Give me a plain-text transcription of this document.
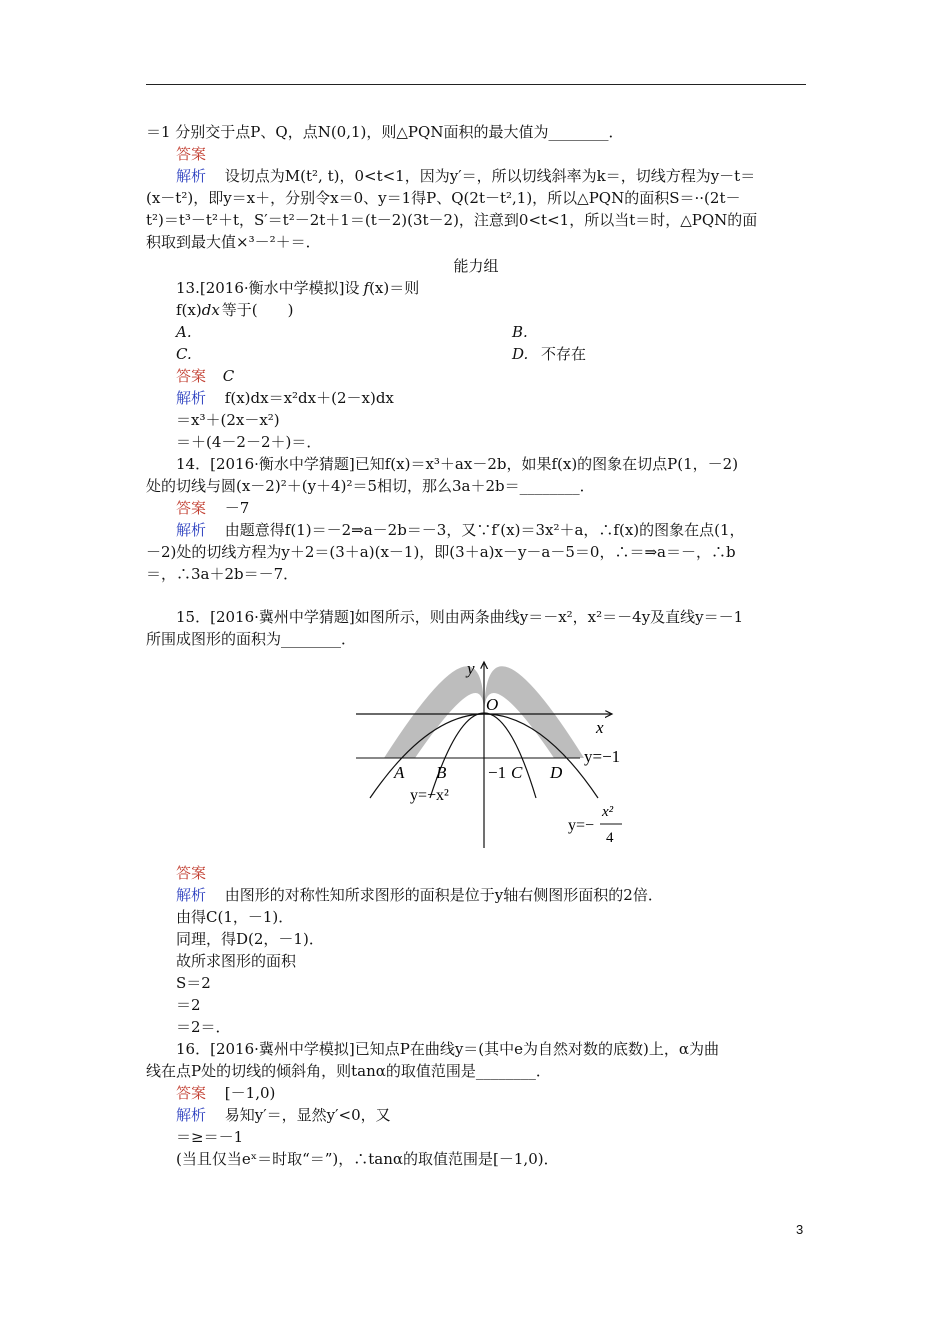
＝1 分别交于点P、Q，点N(0,1)，则△PQN面积的最大值为________．
答案
解析 设切点为M(t², t)，0<t<1，因为y′＝，所以切线斜率为k＝，切线方程为y－t＝
(x－t²)，即y＝x＋，分别令x＝0、y＝1得P、Q(2t－t²,1)，所以△PQN的面积S＝··(2t－
t²)＝t³－t²＋t，S′＝t²－2t＋1＝(t－2)(3t－2)，注意到0<t<1，所以当t＝时，△PQN的面
积取到最大值×³－²＋＝．
能力组
13.[2016·衡水中学模拟]设 f(x)＝则
f(x)dx 等于(　　)
A.	B.
C.	D. 不存在
答案 C
解析 f(x)dx＝x²dx＋(2－x)dx
＝x³＋(2x－x²)
＝＋(4－2－2＋)＝．
14．[2016·衡水中学猜题]已知f(x)＝x³＋ax－2b，如果f(x)的图象在切点P(1，－2)
处的切线与圆(x－2)²＋(y＋4)²＝5相切，那么3a＋2b＝________．
答案 －7
解析 由题意得f(1)＝－2⇒a－2b＝－3，又∵f′(x)＝3x²＋a，∴f(x)的图象在点(1，
－2)处的切线方程为y＋2＝(3＋a)(x－1)，即(3＋a)x－y－a－5＝0，∴＝⇒a＝－，∴b
＝，∴3a＋2b＝－7．
15．[2016·冀州中学猜题]如图所示，则由两条曲线y＝－x²，x²＝－4y及直线y＝－1
所围成图形的面积为________．
y
x
O
A B −1 C D
y=−1
y=−x²
y=−
x²
4
答案
解析 由图形的对称性知所求图形的面积是位于y轴右侧图形面积的2倍．
由得C(1，－1)．
同理，得D(2，－1)．
故所求图形的面积
S＝2
＝2
＝2＝．
16．[2016·冀州中学模拟]已知点P在曲线y＝(其中e为自然对数的底数)上，α为曲
线在点P处的切线的倾斜角，则tanα的取值范围是________．
答案 [－1,0)
解析 易知y′＝，显然y′<0，又
＝≥＝－1
(当且仅当eˣ＝时取“＝”)，∴tanα的取值范围是[－1,0)．
3
